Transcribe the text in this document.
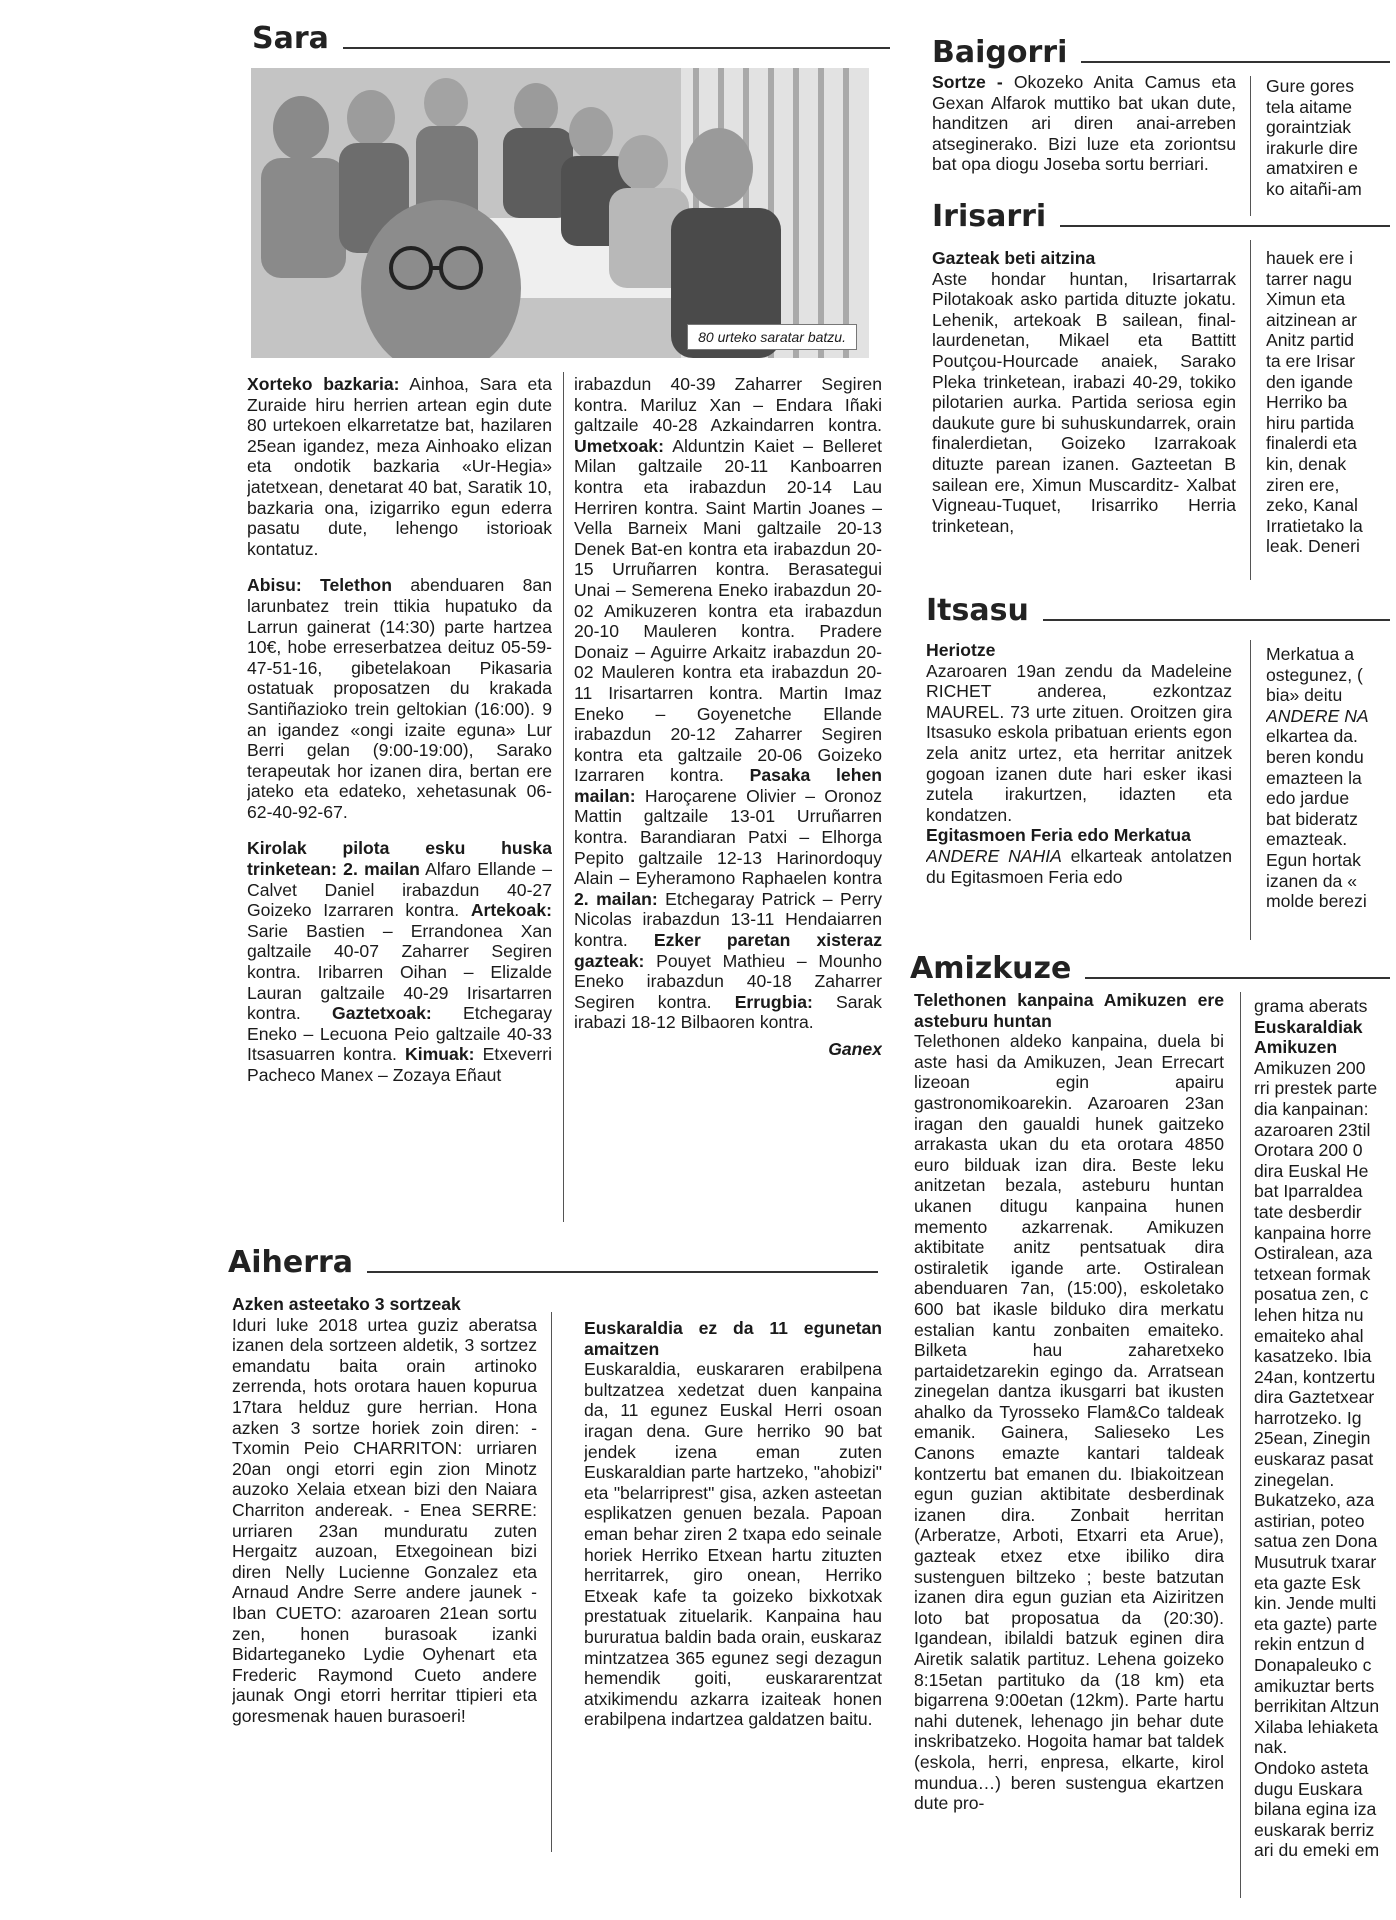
Sara
80 urteko saratar batzu.

Xorteko bazkaria: Ainhoa, Sara eta Zuraide hiru herrien artean egin dute 80 urtekoen elkarretatze bat, hazilaren 25ean igandez, meza Ainhoako elizan eta ondotik bazkaria «Ur-Hegia» jatetxean, denetarat 40 bat, Saratik 10, bazkaria ona, izigarriko egun ederra pasatu dute, lehengo istorioak kontatuz.

Abisu: Telethon abenduaren 8an larunbatez trein ttikia hupatuko da Larrun gainerat (14:30) parte hartzea 10€, hobe erreserbatzea deituz 05-59-47-51-16, gibetelakoan Pikasaria ostatuak proposatzen du krakada Santiñazioko trein geltokian (16:00). 9 an igandez «ongi izaite eguna» Lur Berri gelan (9:00-19:00), Sarako terapeutak hor izanen dira, bertan ere jateko eta edateko, xehetasunak 06-62-40-92-67.

Kirolak pilota esku huska trinketean: 2. mailan Alfaro Ellande – Calvet Daniel irabazdun 40-27 Goizeko Izarraren kontra. Artekoak: Sarie Bastien – Errandonea Xan galtzaile 40-07 Zaharrer Segiren kontra. Iribarren Oihan – Elizalde Lauran galtzaile 40-29 Irisartarren kontra. Gaztetxoak: Etchegaray Eneko – Lecuona Peio galtzaile 40-33 Itsasuarren kontra. Kimuak: Etxeverri Pacheco Manex – Zozaya Eñaut

irabazdun 40-39 Zaharrer Segiren kontra. Mariluz Xan – Endara Iñaki galtzaile 40-28 Azkaindarren kontra. Umetxoak: Alduntzin Kaiet – Belleret Milan galtzaile 20-11 Kanboarren kontra eta irabazdun 20-14 Lau Herriren kontra. Saint Martin Joanes – Vella Barneix Mani galtzaile 20-13 Denek Bat-en kontra eta irabazdun 20-15 Urruñarren kontra. Berasategui Unai – Semerena Eneko irabazdun 20-02 Amikuzeren kontra eta irabazdun 20-10 Mauleren kontra. Pradere Donaiz – Aguirre Arkaitz irabazdun 20-02 Mauleren kontra eta irabazdun 20-11 Irisartarren kontra. Martin Imaz Eneko – Goyenetche Ellande irabazdun 20-12 Zaharrer Segiren kontra eta galtzaile 20-06 Goizeko Izarraren kontra. Pasaka lehen mailan: Haroçarene Olivier – Oronoz Mattin galtzaile 13-01 Urruñarren kontra. Barandiaran Patxi – Elhorga Pepito galtzaile 12-13 Harinordoquy Alain – Eyheramono Raphaelen kontra 2. mailan: Etchegaray Patrick – Perry Nicolas irabazdun 13-11 Hendaiarren kontra. Ezker paretan xisteraz gazteak: Pouyet Mathieu – Mounho Eneko irabazdun 40-18 Zaharrer Segiren kontra. Errugbia: Sarak irabazi 18-12 Bilbaoren kontra.

Ganex

Aiherra

Azken asteetako 3 sortzeak

Iduri luke 2018 urtea guziz aberatsa izanen dela sortzeen aldetik, 3 sortzez emandatu baita orain artinoko zerrenda, hots orotara hauen kopurua 17tara helduz gure herrian. Hona azken 3 sortze horiek zoin diren: - Txomin Peio CHARRITON: urriaren 20an ongi etorri egin zion Minotz auzoko Xelaia etxean bizi den Naiara Charriton andereak. - Enea SERRE: urriaren 23an munduratu zuten Hergaitz auzoan, Etxegoinean bizi diren Nelly Lucienne Gonzalez eta Arnaud Andre Serre andere jaunek - Iban CUETO: azaroaren 21ean sortu zen, honen burasoak izanki Bidarteganeko Lydie Oyhenart eta Frederic Raymond Cueto andere jaunak Ongi etorri herritar ttipieri eta goresmenak hauen burasoeri!

Euskaraldia ez da 11 egunetan amaitzen

Euskaraldia, euskararen erabilpena bultzatzea xedetzat duen kanpaina da, 11 egunez Euskal Herri osoan iragan dena. Gure herriko 90 bat jendek izena eman zuten Euskaraldian parte hartzeko, "ahobizi" eta "belarriprest" gisa, azken asteetan esplikatzen genuen bezala. Papoan eman behar ziren 2 txapa edo seinale horiek Herriko Etxean hartu zituzten herritarrek, giro onean, Herriko Etxeak kafe ta goizeko bixkotxak prestatuak zituelarik. Kanpaina hau bururatua baldin bada orain, euskaraz mintzatzea 365 egunez segi dezagun hemendik goiti, euskararentzat atxikimendu azkarra izaiteak honen erabilpena indartzea galdatzen baitu.

Baigorri

Sortze - Okozeko Anita Camus eta Gexan Alfarok muttiko bat ukan dute, handitzen ari diren anai-arreben atseginerako. Bizi luze eta zoriontsu bat opa diogu Joseba sortu berriari.

Gure gores

tela aitame

goraintziak

irakurle dire

amatxiren e

ko aitañi-am

Irisarri

Gazteak beti aitzina

Aste hondar huntan, Irisartarrak Pilotakoak asko partida dituzte jokatu. Lehenik, artekoak B sailean, final-laurdenetan, Mikael eta Battitt Poutçou-Hourcade anaiek, Sarako Pleka trinketean, irabazi 40-29, tokiko pilotarien aurka. Partida seriosa egin daukute gure bi suhuskundarrek, orain finalerdietan, Goizeko Izarrakoak dituzte parean izanen. Gazteetan B sailean ere, Ximun Muscarditz- Xalbat Vigneau-Tuquet, Irisarriko Herria trinketean,

hauek ere i

tarrer nagu

Ximun eta

aitzinean ar

Anitz partid

ta ere Irisar

den igande

Herriko ba

hiru partida

finalerdi eta

kin, denak

ziren ere,

zeko, Kanal

Irratietako la

leak. Deneri

Itsasu

Heriotze

Azaroaren 19an zendu da Madeleine RICHET anderea, ezkontzaz MAUREL. 73 urte zituen. Oroitzen gira Itsasuko eskola pribatuan erients egon zela anitz urtez, eta herritar anitzek gogoan izanen dute hari esker ikasi zutela irakurtzen, idazten eta kondatzen.

Egitasmoen Feria edo Merkatua

ANDERE NAHIA elkarteak antolatzen du Egitasmoen Feria edo

Merkatua a

ostegunez, (

bia» deitu

ANDERE NA

elkartea da.

beren kondu

emazteen la

edo jardue

bat bideratz

emazteak.

Egun hortak

izanen da «

molde berezi

Amizkuze

Telethonen kanpaina Amikuzen ere asteburu huntan

Telethonen aldeko kanpaina, duela bi aste hasi da Amikuzen, Jean Errecart lizeoan egin apairu gastronomikoarekin. Azaroaren 23an iragan den gaualdi hunek gaitzeko arrakasta ukan du eta orotara 4850 euro bilduak izan dira. Beste leku anitzetan bezala, asteburu huntan ukanen ditugu kanpaina hunen memento azkarrenak. Amikuzen aktibitate anitz pentsatuak dira ostiraletik igande arte. Ostiralean abenduaren 7an, (15:00), eskoletako 600 bat ikasle bilduko dira merkatu estalian kantu zonbaiten emaiteko. Bilketa hau zaharetxeko partaidetzarekin egingo da. Arratsean zinegelan dantza ikusgarri bat ikusten ahalko da Tyrosseko Flam&Co taldeak emanik. Gainera, Salieseko Les Canons emazte kantari taldeak kontzertu bat emanen du. Ibiakoitzean egun guzian aktibitate desberdinak izanen dira. Zonbait herritan (Arberatze, Arboti, Etxarri eta Arue), gazteak etxez etxe ibiliko dira sustenguen biltzeko ; beste batzutan izanen dira egun guzian eta Aiziritzen loto bat proposatua da (20:30). Igandean, ibilaldi batzuk eginen dira Airetik salatik partituz. Lehena goizeko 8:15etan partituko da (18 km) eta bigarrena 9:00etan (12km). Parte hartu nahi dutenek, lehenago jin behar dute inskribatzeko. Hogoita hamar bat taldek (eskola, herri, enpresa, elkarte, kirol mundua…) beren sustengua ekartzen dute pro-

grama aberats

Euskaraldiak

Amikuzen

Amikuzen 200

rri prestek parte

dia kanpainan:

azaroaren 23til

Orotara 200 0

dira Euskal He

bat Iparraldea

tate desberdir

kanpaina horre

Ostiralean, aza

tetxean formak

posatua zen, c

lehen hitza nu

emaiteko ahal

kasatzeko. Ibia

24an, kontzertu

dira Gaztetxear

harrotzeko. Ig

25ean, Zinegin

euskaraz pasat

zinegelan.

Bukatzeko, aza

astirian, poteo

satua zen Dona

Musutruk txarar

eta gazte Esk

kin. Jende multi

eta gazte) parte

rekin entzun d

Donapaleuko c

amikuztar berts

berrikitan Altzun

Xilaba lehiaketa

nak.

Ondoko asteta

dugu Euskara

bilana egina iza

euskarak berriz

ari du emeki em
